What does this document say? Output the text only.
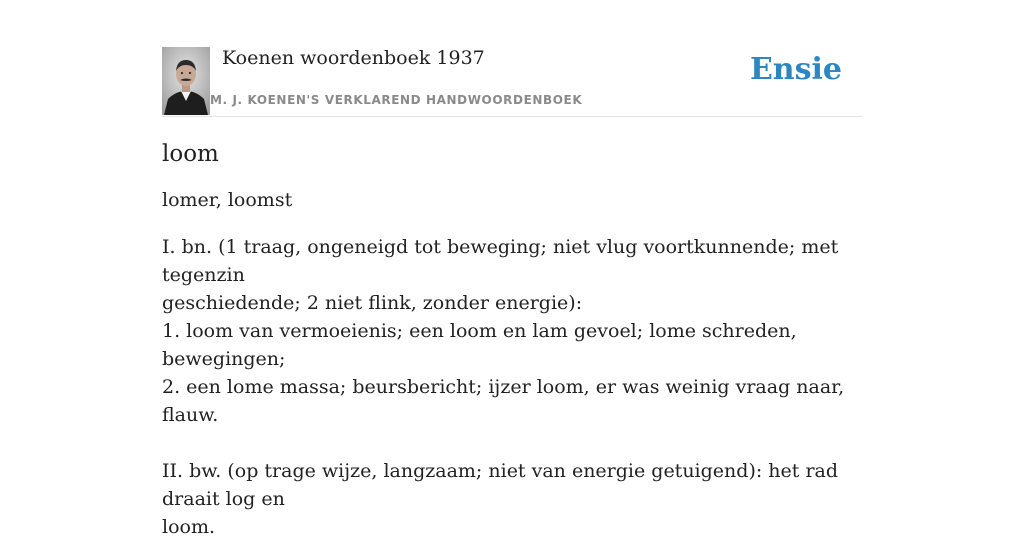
Koenen woordenboek 1937
M. J. KOENEN'S VERKLAREND HANDWOORDENBOEK
Ensie
loom

lomer, loomst

I. bn. (1 traag, ongeneigd tot beweging; niet vlug voortkunnende; met tegenzin
geschiedende; 2 niet flink, zonder energie):
1. loom van vermoeienis; een loom en lam gevoel; lome schreden, bewegingen;
2. een lome massa; beursbericht; ijzer loom, er was weinig vraag naar, flauw.
II. bw. (op trage wijze, langzaam; niet van energie getuigend): het rad draait log en
loom.
